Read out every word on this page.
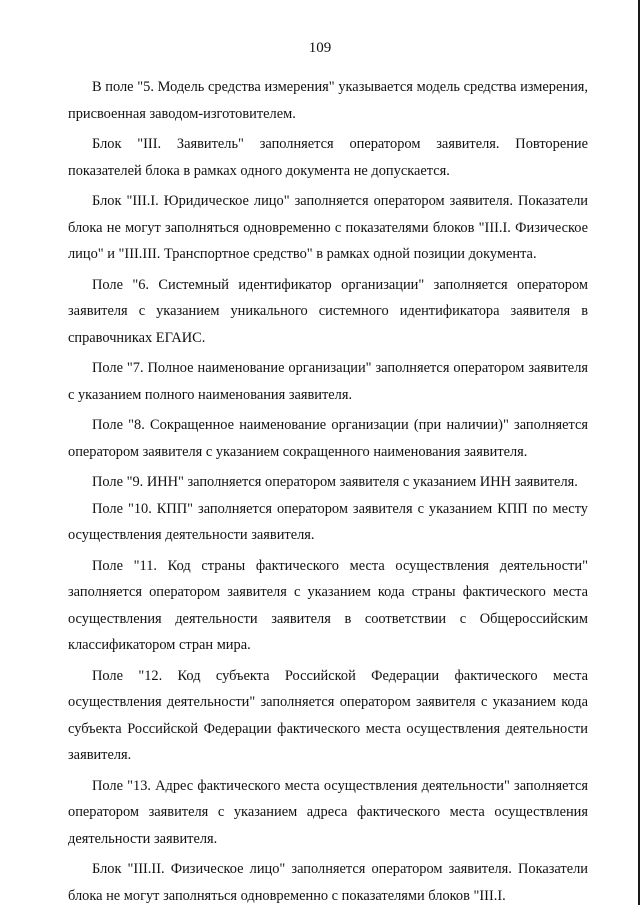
109

В поле "5. Модель средства измерения" указывается модель средства измерения, присвоенная заводом-изготовителем.

Блок "III. Заявитель" заполняется оператором заявителя. Повторение показателей блока в рамках одного документа не допускается.

Блок "III.I. Юридическое лицо" заполняется оператором заявителя. Показатели блока не могут заполняться одновременно с показателями блоков "III.I. Физическое лицо" и "III.III. Транспортное средство" в рамках одной позиции документа.

Поле "6. Системный идентификатор организации" заполняется оператором заявителя с указанием уникального системного идентификатора заявителя в справочниках ЕГАИС.

Поле "7. Полное наименование организации" заполняется оператором заявителя с указанием полного наименования заявителя.

Поле "8. Сокращенное наименование организации (при наличии)" заполняется оператором заявителя с указанием сокращенного наименования заявителя.

Поле "9. ИНН" заполняется оператором заявителя с указанием ИНН заявителя.

Поле "10. КПП" заполняется оператором заявителя с указанием КПП по месту осуществления деятельности заявителя.

Поле "11. Код страны фактического места осуществления деятельности" заполняется оператором заявителя с указанием кода страны фактического места осуществления деятельности заявителя в соответствии с Общероссийским классификатором стран мира.

Поле "12. Код субъекта Российской Федерации фактического места осуществления деятельности" заполняется оператором заявителя с указанием кода субъекта Российской Федерации фактического места осуществления деятельности заявителя.

Поле "13. Адрес фактического места осуществления деятельности" заполняется оператором заявителя с указанием адреса фактического места осуществления деятельности заявителя.

Блок "III.II. Физическое лицо" заполняется оператором заявителя. Показатели блока не могут заполняться одновременно с показателями блоков "III.I.
